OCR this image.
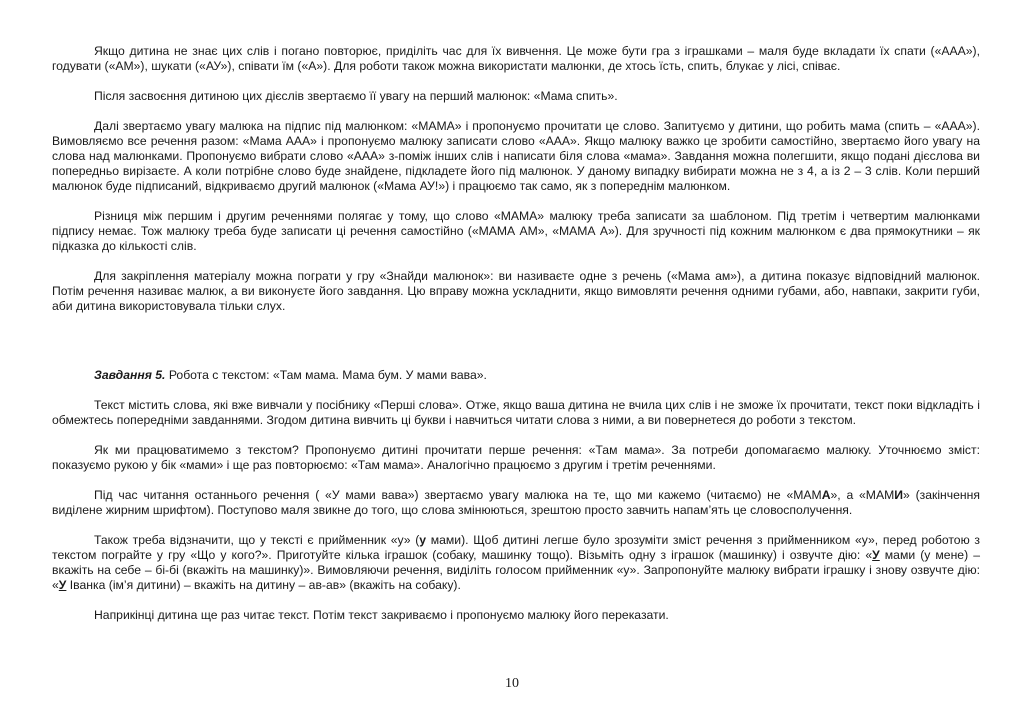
Якщо дитина не знає цих слів і погано повторює, приділіть час для їх вивчення. Це може бути гра з іграшками – маля буде вкладати їх спати («ААА»), годувати («АМ»), шукати («АУ»), співати їм («А»). Для роботи також можна використати малюнки, де хтось їсть, спить, блукає у лісі, співає.

Після засвоєння дитиною цих дієслів звертаємо її увагу на перший малюнок: «Мама спить».

Далі звертаємо увагу малюка на підпис під малюнком: «МАМА» і пропонуємо прочитати це слово. Запитуємо у дитини, що робить мама (спить – «ААА»). Вимовляємо все речення разом: «Мама ААА» і пропонуємо малюку записати слово «ААА». Якщо малюку важко це зробити самостійно, звертаємо його увагу на слова над малюнками. Пропонуємо вибрати слово «ААА» з-поміж інших слів і написати біля слова «мама». Завдання можна полегшити, якщо подані дієслова ви попередньо вирізаєте. А коли потрібне слово буде знайдене, підкладете його під малюнок. У даному випадку вибирати можна не з 4, а із 2 – 3 слів. Коли перший малюнок буде підписаний, відкриваємо другий малюнок («Мама АУ!») і працюємо так само, як з попереднім малюнком.

Різниця між першим і другим реченнями полягає у тому, що слово «МАМА» малюку треба записати за шаблоном. Під третім і четвертим малюнками підпису немає. Тож малюку треба буде записати ці речення самостійно («МАМА АМ», «МАМА А»). Для зручності під кожним малюнком є два прямокутники – як підказка до кількості слів.

Для закріплення матеріалу можна пограти у гру «Знайди малюнок»: ви називаєте одне з речень («Мама ам»), а дитина показує відповідний малюнок. Потім речення називає малюк, а ви виконуєте його завдання. Цю вправу можна ускладнити, якщо вимовляти речення одними губами, або, навпаки, закрити губи, аби дитина використовувала тільки слух.

Завдання 5. Робота с текстом: «Там мама. Мама бум. У мами вава».

Текст містить слова, які вже вивчали у посібнику «Перші слова». Отже, якщо ваша дитина не вчила цих слів і не зможе їх прочитати, текст поки відкладіть і обмежтесь попередніми завданнями. Згодом дитина вивчить ці букви і навчиться читати слова з ними, а ви повернетеся до роботи з текстом.

Як ми працюватимемо з текстом? Пропонуємо дитині прочитати перше речення: «Там мама». За потреби допомагаємо малюку. Уточнюємо зміст: показуємо рукою у бік «мами» і ще раз повторюємо: «Там мама». Аналогічно працюємо з другим і третім реченнями.

Під час читання останнього речення ( «У мами вава») звертаємо увагу малюка на те, що ми кажемо (читаємо) не «МАМА», а «МАМИ» (закінчення виділене жирним шрифтом). Поступово маля звикне до того, що слова змінюються, зрештою просто завчить напам’ять це словосполучення.

Також треба відзначити, що у тексті є прийменник «у» (у мами). Щоб дитині легше було зрозуміти зміст речення з прийменником «у», перед роботою з текстом пограйте у гру «Що у кого?». Приготуйте кілька іграшок (собаку, машинку тощо). Візьміть одну з іграшок (машинку) і озвучте дію: «У мами (у мене) – вкажіть на себе – бі-бі (вкажіть на машинку)». Вимовляючи речення, виділіть голосом прийменник «у». Запропонуйте малюку вибрати іграшку і знову озвучте дію: «У Іванка (ім’я дитини) – вкажіть на дитину – ав-ав» (вкажіть на собаку).

Наприкінці дитина ще раз читає текст. Потім текст закриваємо і пропонуємо малюку його переказати.

10
